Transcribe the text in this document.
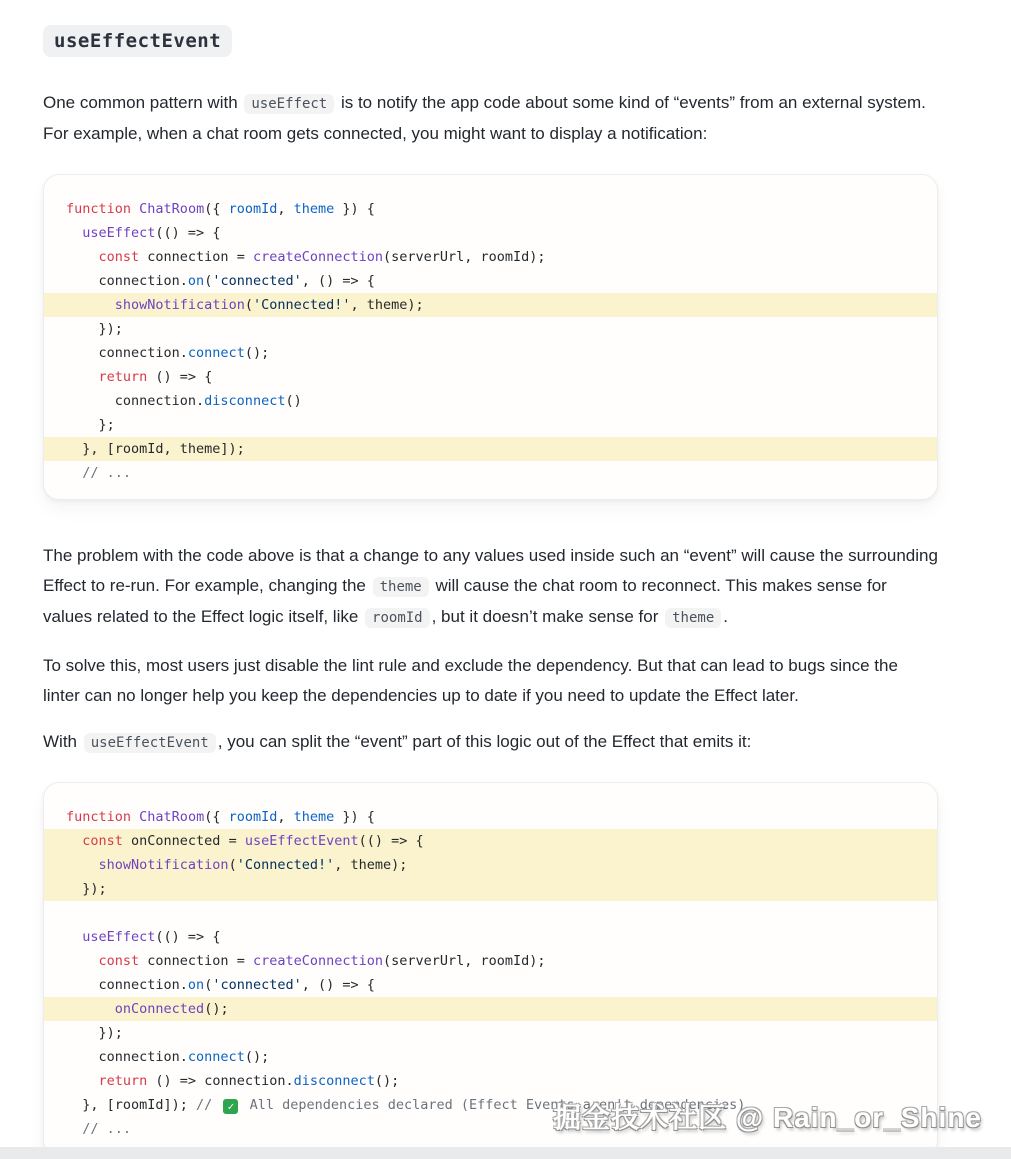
useEffectEvent

One common pattern with useEffect is to notify the app code about some kind of “events” from an external system. For example, when a chat room gets connected, you might want to display a notification:

function ChatRoom({ roomId, theme }) {
useEffect(() => {
const connection = createConnection(serverUrl, roomId);
connection.on('connected', () => {
showNotification('Connected!', theme);
});
connection.connect();
return () => {
connection.disconnect()
};
}, [roomId, theme]);
// ...

The problem with the code above is that a change to any values used inside such an “event” will cause the surrounding Effect to re-run. For example, changing the theme will cause the chat room to reconnect. This makes sense for values related to the Effect logic itself, like roomId , but it doesn’t make sense for theme .

To solve this, most users just disable the lint rule and exclude the dependency. But that can lead to bugs since the linter can no longer help you keep the dependencies up to date if you need to update the Effect later.

With useEffectEvent , you can split the “event” part of this logic out of the Effect that emits it:

function ChatRoom({ roomId, theme }) {
const onConnected = useEffectEvent(() => {
showNotification('Connected!', theme);
});

useEffect(() => {
const connection = createConnection(serverUrl, roomId);
connection.on('connected', () => {
onConnected();
});
connection.connect();
return () => connection.disconnect();
}, [roomId]); // ✓ All dependencies declared (Effect Events aren't dependencies)
// ...	掘金技术社区 @ Rain_or_Shine
